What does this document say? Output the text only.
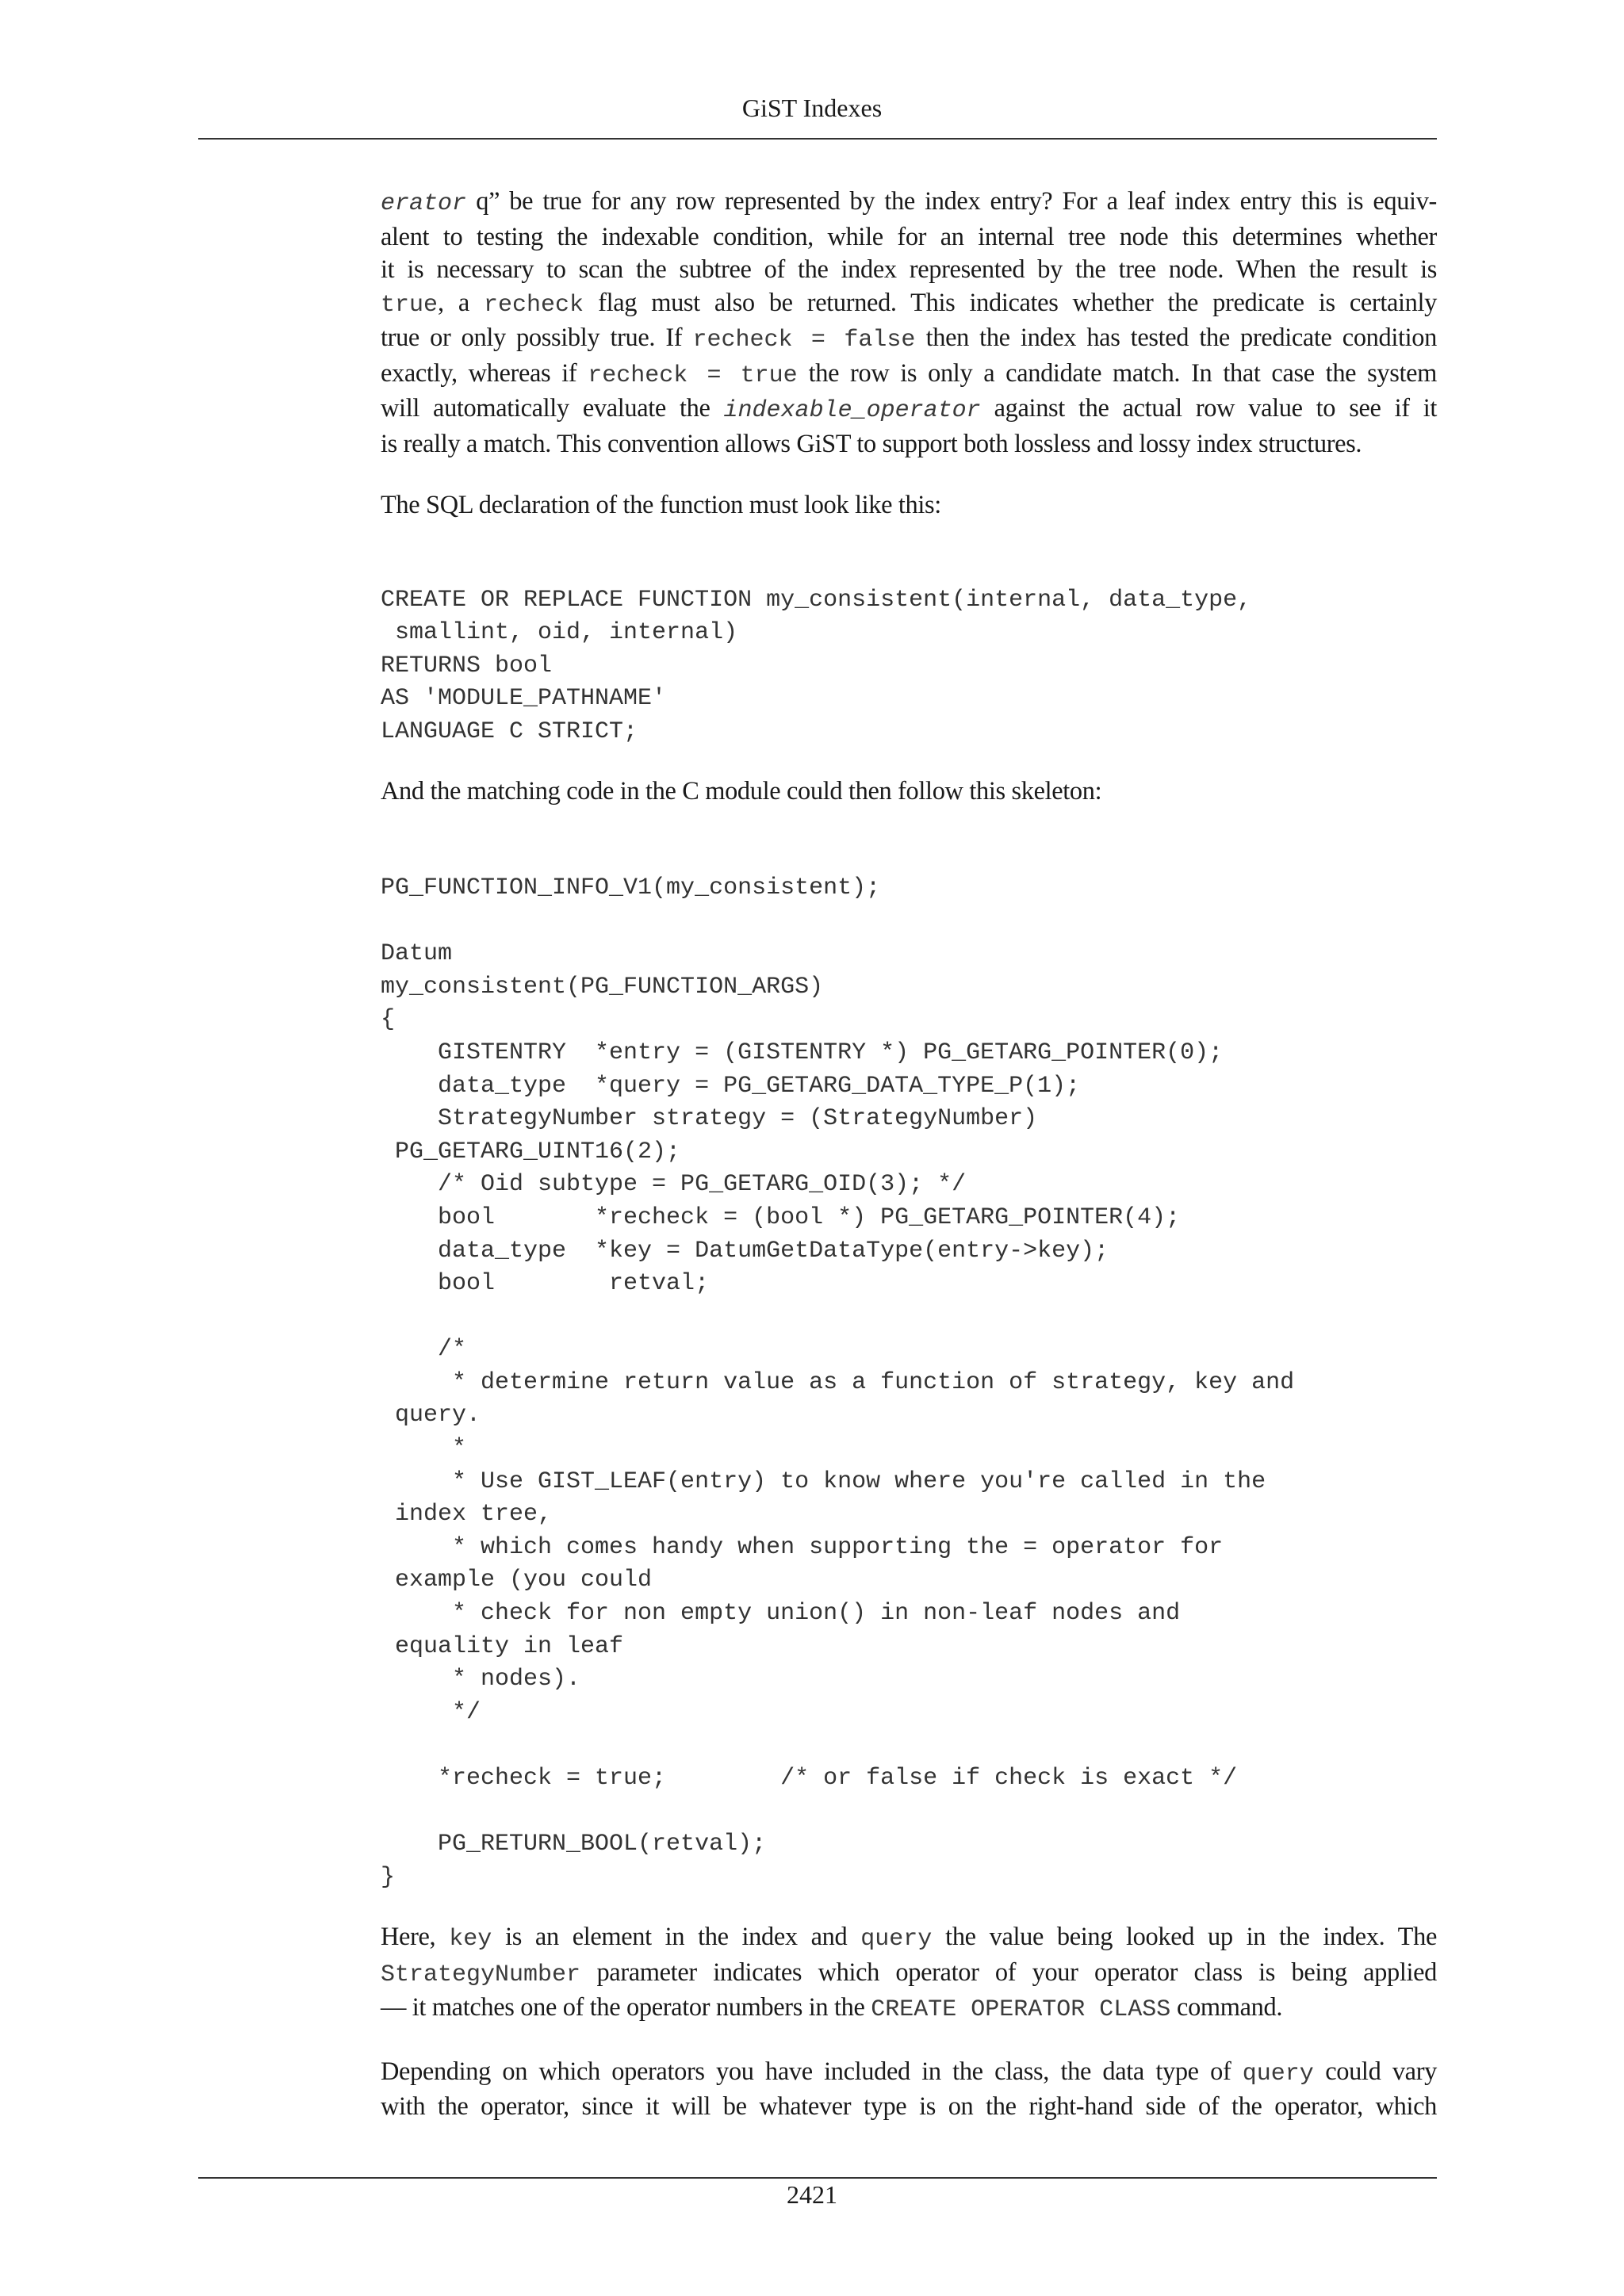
GiST Indexes

erator q” be true for any row represented by the index entry? For a leaf index entry this is equiv-
alent to testing the indexable condition, while for an internal tree node this determines whether
it is necessary to scan the subtree of the index represented by the tree node. When the result is
true, a recheck flag must also be returned. This indicates whether the predicate is certainly
true or only possibly true. If recheck = false then the index has tested the predicate condition
exactly, whereas if recheck = true the row is only a candidate match. In that case the system
will automatically evaluate the indexable_operator against the actual row value to see if it
is really a match. This convention allows GiST to support both lossless and lossy index structures.

The SQL declaration of the function must look like this:

CREATE OR REPLACE FUNCTION my_consistent(internal, data_type,
smallint, oid, internal)
RETURNS bool
AS 'MODULE_PATHNAME'
LANGUAGE C STRICT;

And the matching code in the C module could then follow this skeleton:

PG_FUNCTION_INFO_V1(my_consistent);

Datum
my_consistent(PG_FUNCTION_ARGS)
{
GISTENTRY  *entry = (GISTENTRY *) PG_GETARG_POINTER(0);
data_type  *query = PG_GETARG_DATA_TYPE_P(1);
StrategyNumber strategy = (StrategyNumber)
PG_GETARG_UINT16(2);
/* Oid subtype = PG_GETARG_OID(3); */
bool       *recheck = (bool *) PG_GETARG_POINTER(4);
data_type  *key = DatumGetDataType(entry->key);
bool        retval;

/*
* determine return value as a function of strategy, key and
query.
*
* Use GIST_LEAF(entry) to know where you're called in the
index tree,
* which comes handy when supporting the = operator for
example (you could
* check for non empty union() in non-leaf nodes and
equality in leaf
* nodes).
*/

*recheck = true;        /* or false if check is exact */

PG_RETURN_BOOL(retval);
}

Here, key is an element in the index and query the value being looked up in the index. The
StrategyNumber parameter indicates which operator of your operator class is being applied
— it matches one of the operator numbers in the CREATE OPERATOR CLASS command.

Depending on which operators you have included in the class, the data type of query could vary
with the operator, since it will be whatever type is on the right-hand side of the operator, which

2421
